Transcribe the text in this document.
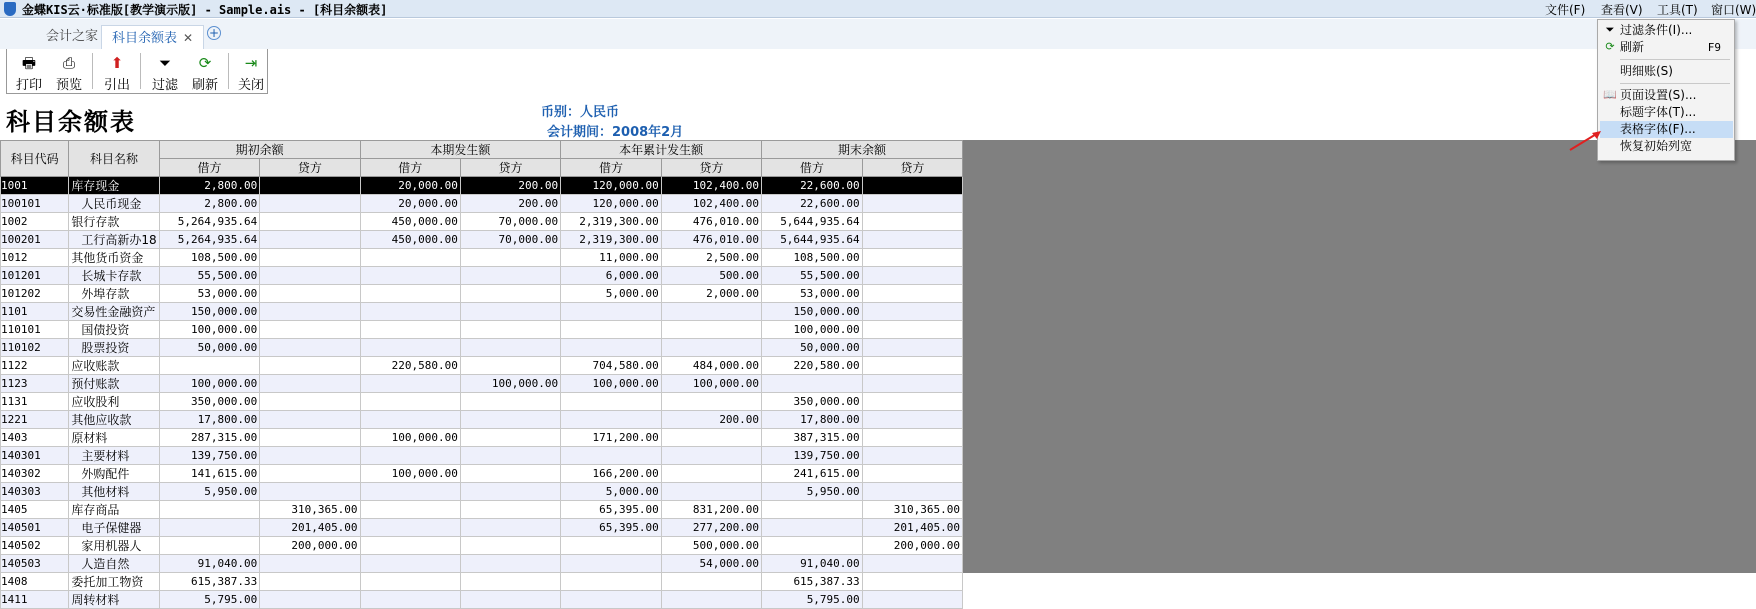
金蝶KIS云·标准版[教学演示版] - Sample.ais - [科目余额表]	文件(F) 查看(V) 工具(T) 窗口(W)
会计之家	科目余额表 ✕	+
🖶
打印
⎙
预览
⬆
引出
⏷
过滤
⟳
刷新
⇥
关闭
科目余额表	币别：人民币
会计期间：2008年2月
科目代码	科目名称	期初余额		本期发生额		本年累计发生额		期末余额	
		借方	贷方	借方	贷方	借方	贷方	借方	贷方
1001	库存现金	2,800.00		20,000.00	200.00	120,000.00	102,400.00	22,600.00	
100101	人民币现金	2,800.00		20,000.00	200.00	120,000.00	102,400.00	22,600.00	
1002	银行存款	5,264,935.64		450,000.00	70,000.00	2,319,300.00	476,010.00	5,644,935.64	
100201	工行高新办18	5,264,935.64		450,000.00	70,000.00	2,319,300.00	476,010.00	5,644,935.64	
1012	其他货币资金	108,500.00				11,000.00	2,500.00	108,500.00	
101201	长城卡存款	55,500.00				6,000.00	500.00	55,500.00	
101202	外埠存款	53,000.00				5,000.00	2,000.00	53,000.00	
1101	交易性金融资产	150,000.00						150,000.00	
110101	国债投资	100,000.00						100,000.00	
110102	股票投资	50,000.00						50,000.00	
1122	应收账款			220,580.00		704,580.00	484,000.00	220,580.00	
1123	预付账款	100,000.00			100,000.00	100,000.00	100,000.00		
1131	应收股利	350,000.00						350,000.00	
1221	其他应收款	17,800.00					200.00	17,800.00	
1403	原材料	287,315.00		100,000.00		171,200.00		387,315.00	
140301	主要材料	139,750.00						139,750.00	
140302	外购配件	141,615.00		100,000.00		166,200.00		241,615.00	
140303	其他材料	5,950.00				5,000.00		5,950.00	
1405	库存商品		310,365.00			65,395.00	831,200.00		310,365.00
140501	电子保健器		201,405.00			65,395.00	277,200.00		201,405.00
140502	家用机器人		200,000.00				500,000.00		200,000.00
140503	人造自然	91,040.00					54,000.00	91,040.00	
1408	委托加工物资	615,387.33						615,387.33	
1411	周转材料	5,795.00						5,795.00	
⏷ 过滤条件(I)...
⟳ 刷新	F9
明细账(S)
📖 页面设置(S)...
标题字体(T)...
表格字体(F)...
恢复初始列宽
